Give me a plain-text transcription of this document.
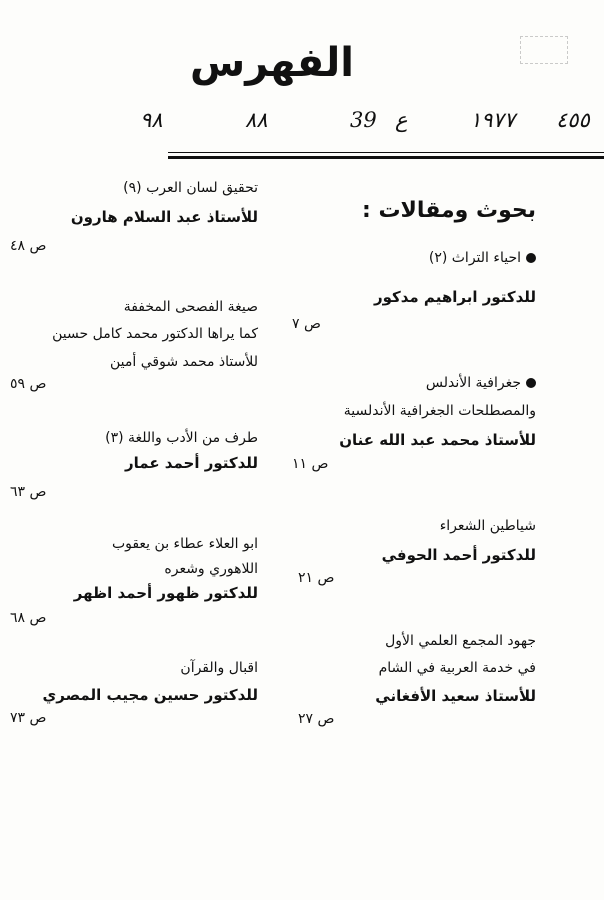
الفهرس
٩٨	٨٨	39 ع	١٩٧٧ ٤٥٥
بحوث ومقالات :
تحقيق لسان العرب (٩)
للأستاذ عبد السلام هارون
ص ٤٨
صيغة الفصحى المخففة
كما يراها الدكتور محمد كامل حسين
للأستاذ محمد شوقي أمين
ص ٥٩
طرف من الأدب واللغة (٣)
للدكتور أحمد عمار
ص ٦٣
ابو العلاء عطاء بن يعقوب
اللاهوري وشعره
للدكتور ظهور أحمد اظهر
ص ٦٨
اقبال والقرآن
للدكتور حسين مجيب المصري
ص ٧٣
احياء التراث (٢)
للدكتور ابراهيم مدكور
ص ٧
جغرافية الأندلس
والمصطلحات الجغرافية الأندلسية
للأستاذ محمد عبد الله عنان
ص ١١
شياطين الشعراء
للدكتور أحمد الحوفي
ص ٢١
جهود المجمع العلمي الأول
في خدمة العربية في الشام
للأستاذ سعيد الأفغاني
ص ٢٧
